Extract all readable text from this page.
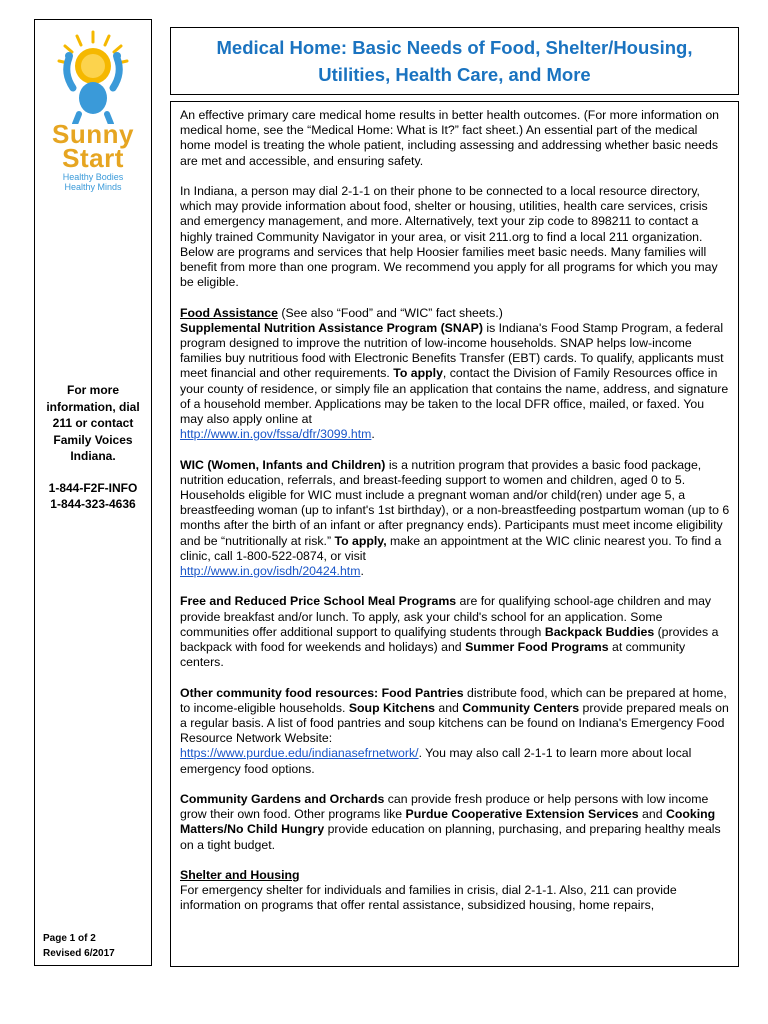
Sunny
Start
Healthy Bodies
Healthy Minds

For more

information, dial

211 or contact

Family Voices

Indiana.

1-844-F2F-INFO

1-844-323-4636

Page 1 of 2
Revised 6/2017
Medical Home: Basic Needs of Food, Shelter/Housing,
Utilities, Health Care, and More

An effective primary care medical home results in better health outcomes. (For more information on medical home, see the “Medical Home: What is It?” fact sheet.) An essential part of the medical home model is treating the whole patient, including assessing and addressing whether basic needs are met and accessible, and ensuring safety.

In Indiana, a person may dial 2-1-1 on their phone to be connected to a local resource directory, which may provide information about food, shelter or housing, utilities, health care services, crisis and emergency management, and more. Alternatively, text your zip code to 898211 to contact a highly trained Community Navigator in your area, or visit 211.org to find a local 211 organization. Below are programs and services that help Hoosier families meet basic needs. Many families will benefit from more than one program. We recommend you apply for all programs for which you may be eligible.

Food Assistance (See also “Food” and “WIC” fact sheets.)

Supplemental Nutrition Assistance Program (SNAP) is Indiana's Food Stamp Program, a federal program designed to improve the nutrition of low-income households. SNAP helps low-income families buy nutritious food with Electronic Benefits Transfer (EBT) cards. To qualify, applicants must meet financial and other requirements. To apply, contact the Division of Family Resources office in your county of residence, or simply file an application that contains the name, address, and signature of a household member. Applications may be taken to the local DFR office, mailed, or faxed. You may also apply online at
http://www.in.gov/fssa/dfr/3099.htm.

WIC (Women, Infants and Children) is a nutrition program that provides a basic food package, nutrition education, referrals, and breast-feeding support to women and children, aged 0 to 5. Households eligible for WIC must include a pregnant woman and/or child(ren) under age 5, a breastfeeding woman (up to infant's 1st birthday), or a non-breastfeeding postpartum woman (up to 6 months after the birth of an infant or after pregnancy ends). Participants must meet income eligibility and be “nutritionally at risk.” To apply, make an appointment at the WIC clinic nearest you. To find a clinic, call 1-800-522-0874, or visit
http://www.in.gov/isdh/20424.htm.

Free and Reduced Price School Meal Programs are for qualifying school-age children and may provide breakfast and/or lunch. To apply, ask your child's school for an application. Some communities offer additional support to qualifying students through Backpack Buddies (provides a backpack with food for weekends and holidays) and Summer Food Programs at community centers.

Other community food resources: Food Pantries distribute food, which can be prepared at home, to income-eligible households. Soup Kitchens and Community Centers provide prepared meals on a regular basis. A list of food pantries and soup kitchens can be found on Indiana's Emergency Food Resource Network Website:
https://www.purdue.edu/indianasefrnetwork/. You may also call 2-1-1 to learn more about local emergency food options.

Community Gardens and Orchards can provide fresh produce or help persons with low income grow their own food. Other programs like Purdue Cooperative Extension Services and Cooking Matters/No Child Hungry provide education on planning, purchasing, and preparing healthy meals on a tight budget.

Shelter and Housing

For emergency shelter for individuals and families in crisis, dial 2-1-1. Also, 211 can provide information on programs that offer rental assistance, subsidized housing, home repairs,
